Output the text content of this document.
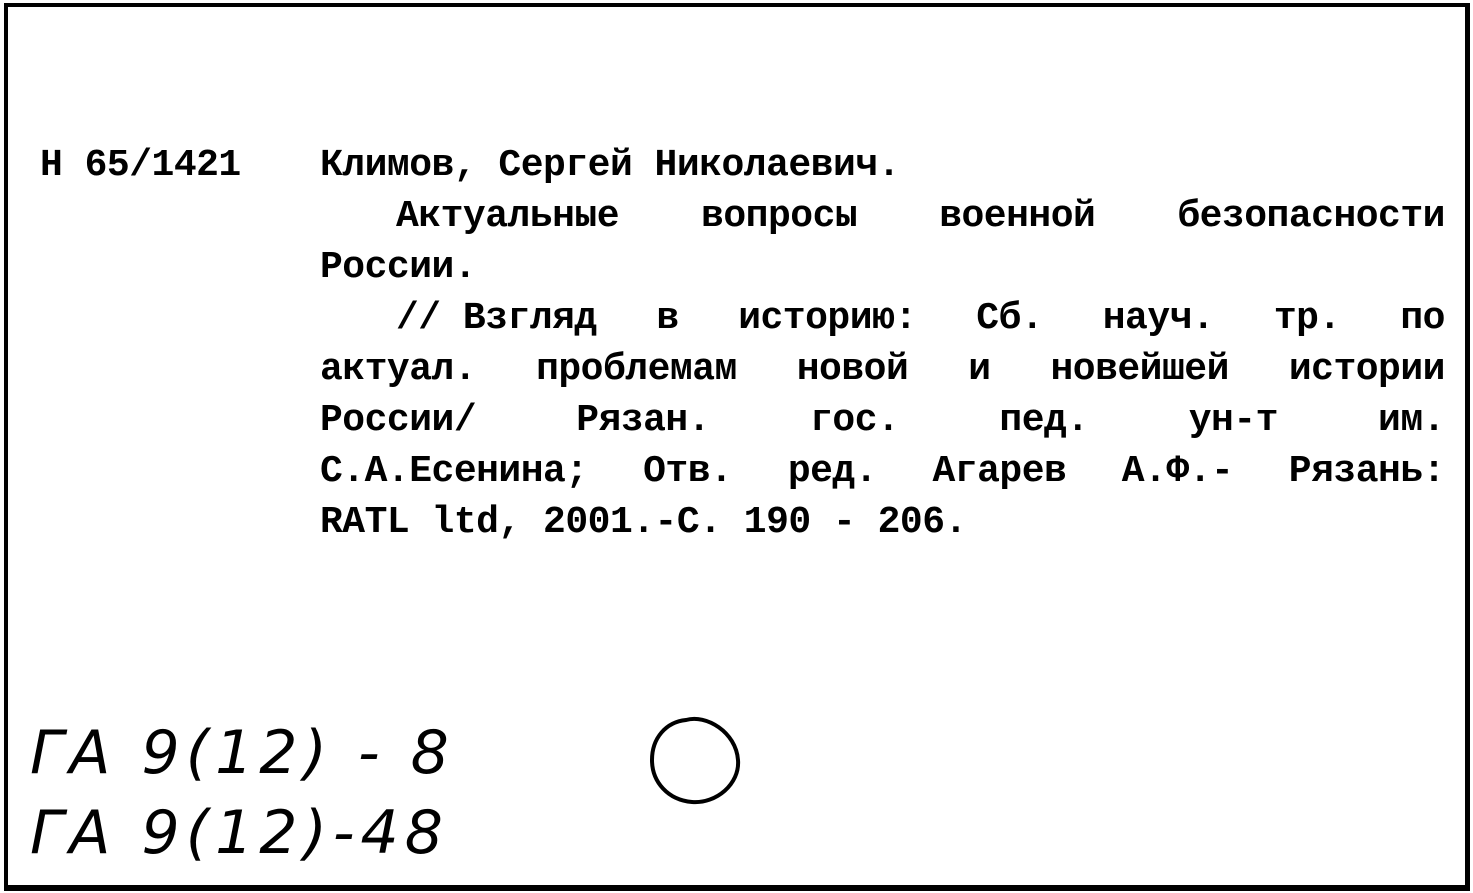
Н 65/1421 Климов, Сергей Николаевич.
Актуальные вопросы военной безопасности
России.
// Взгляд в историю: Сб. науч. тр. по
актуал. проблемам новой и новейшей истории
России/	Рязан.	гос.	пед.	ун-т	им.
С.А.Есенина; Отв. ред. Агарев А.Ф.- Рязань:
RATL ltd, 2001.-С. 190 - 206.
ГА 9(12) - 8
ГА 9(12)-48
